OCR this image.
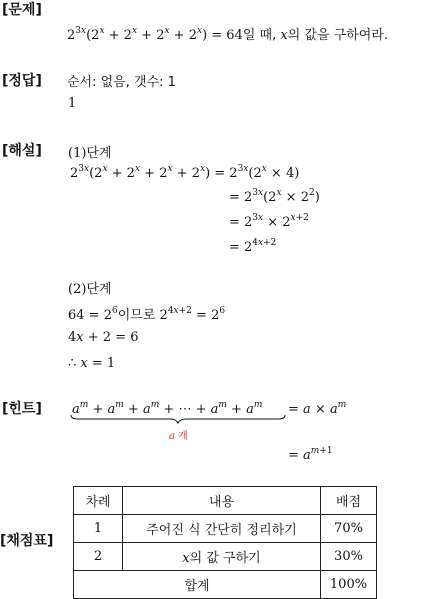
[문제]
$2^{3x}(2^x + 2^x + 2^x + 2^x) = 64$일 때, x의 값을 구하여라.
[정답] 순서: 없음, 갯수: 1
1
[해설] (1)단계
$2^{3x}(2^x + 2^x + 2^x + 2^x) = 2^{3x}(2^x \times 4)$
= $2^{3x}(2^x \times 2^2)$
= $2^{3x} \times 2^{x+2}$
= $2^{4x+2}$
(2)단계
$64 = 2^6$이므로 $2^{4x+2} = 2^6$
4x + 2 = 6
∴ x = 1
[힌트] $a^m + a^m + a^m$ + ⋯ + $a^m + a^m$
a 개
= $a \times a^m$
= $a^{m+1}$
[채점표]
차례	내용	배점
1	주어진 식 간단히 정리하기	70%
2	x의 값 구하기	30%
합계		100%
